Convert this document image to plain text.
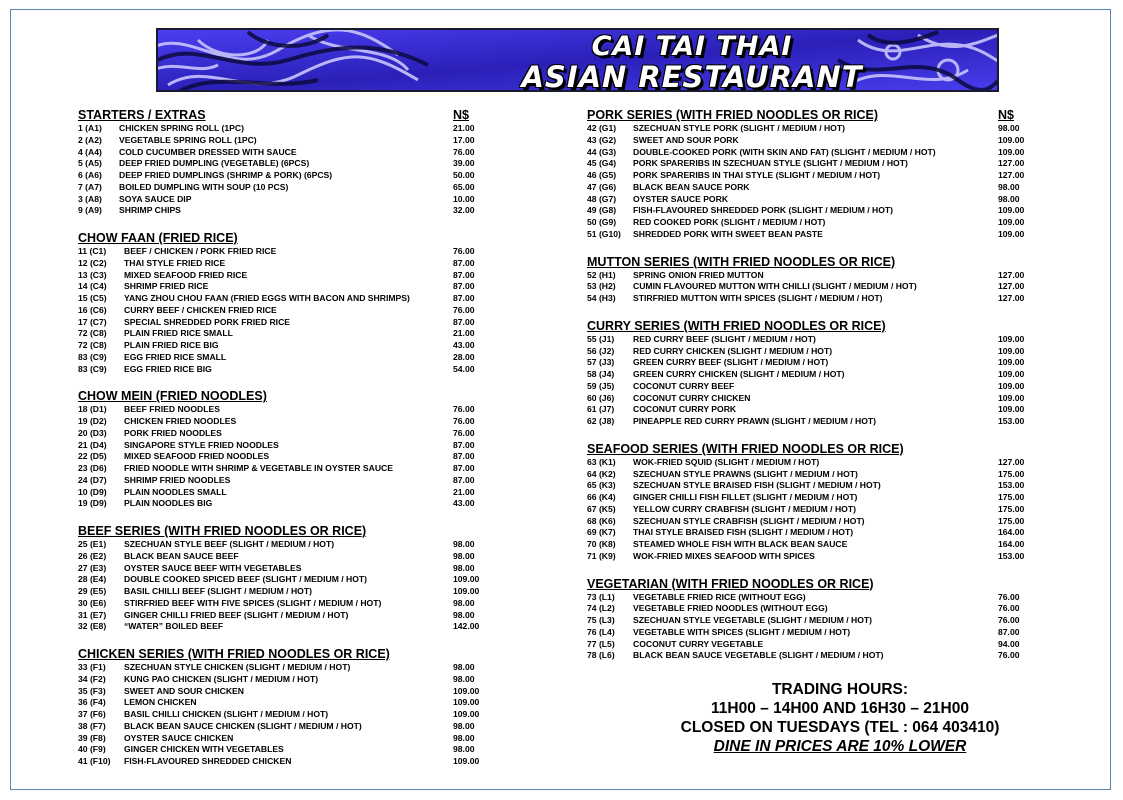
CAI TAI THAI
ASIAN RESTAURANT
STARTERS / EXTRAS	N$
1 (A1) CHICKEN SPRING ROLL (1PC)	21.00
2 (A2) VEGETABLE SPRING ROLL (1PC)	17.00
4 (A4) COLD CUCUMBER DRESSED WITH SAUCE	76.00
5 (A5) DEEP FRIED DUMPLING (VEGETABLE) (6PCS)	39.00
6 (A6) DEEP FRIED DUMPLINGS (SHRIMP & PORK) (6PCS)	50.00
7 (A7) BOILED DUMPLING WITH SOUP (10 PCS)	65.00
3 (A8) SOYA SAUCE DIP	10.00
9 (A9) SHRIMP CHIPS	32.00
CHOW FAAN (FRIED RICE)
11 (C1) BEEF / CHICKEN / PORK FRIED RICE	76.00
12 (C2) THAI STYLE FRIED RICE	87.00
13 (C3) MIXED SEAFOOD FRIED RICE	87.00
14 (C4) SHRIMP FRIED RICE	87.00
15 (C5) YANG ZHOU CHOU FAAN (FRIED EGGS WITH BACON AND SHRIMPS)	87.00
16 (C6) CURRY BEEF / CHICKEN FRIED RICE	76.00
17 (C7) SPECIAL SHREDDED PORK FRIED RICE	87.00
72 (C8) PLAIN FRIED RICE SMALL	21.00
72 (C8) PLAIN FRIED RICE BIG	43.00
83 (C9) EGG FRIED RICE SMALL	28.00
83 (C9) EGG FRIED RICE BIG	54.00
CHOW MEIN (FRIED NOODLES)
18 (D1) BEEF FRIED NOODLES	76.00
19 (D2) CHICKEN FRIED NOODLES	76.00
20 (D3) PORK FRIED NOODLES	76.00
21 (D4) SINGAPORE STYLE FRIED NOODLES	87.00
22 (D5) MIXED SEAFOOD FRIED NOODLES	87.00
23 (D6) FRIED NOODLE WITH SHRIMP & VEGETABLE IN OYSTER SAUCE	87.00
24 (D7) SHRIMP FRIED NOODLES	87.00
10 (D9) PLAIN NOODLES SMALL	21.00
19 (D9) PLAIN NOODLES BIG	43.00
BEEF SERIES (WITH FRIED NOODLES OR RICE)
25 (E1) SZECHUAN STYLE BEEF (SLIGHT / MEDIUM / HOT)	98.00
26 (E2) BLACK BEAN SAUCE BEEF	98.00
27 (E3) OYSTER SAUCE BEEF WITH VEGETABLES	98.00
28 (E4) DOUBLE COOKED SPICED BEEF (SLIGHT / MEDIUM / HOT)	109.00
29 (E5) BASIL CHILLI BEEF (SLIGHT / MEDIUM / HOT)	109.00
30 (E6) STIRFRIED BEEF WITH FIVE SPICES (SLIGHT / MEDIUM / HOT)	98.00
31 (E7) GINGER CHILLI FRIED BEEF (SLIGHT / MEDIUM / HOT)	98.00
32 (E8) “WATER” BOILED BEEF	142.00
CHICKEN SERIES (WITH FRIED NOODLES OR RICE)
33 (F1) SZECHUAN STYLE CHICKEN (SLIGHT / MEDIUM / HOT)	98.00
34 (F2) KUNG PAO CHICKEN (SLIGHT / MEDIUM / HOT)	98.00
35 (F3) SWEET AND SOUR CHICKEN	109.00
36 (F4) LEMON CHICKEN	109.00
37 (F6) BASIL CHILLI CHICKEN (SLIGHT / MEDIUM / HOT)	109.00
38 (F7) BLACK BEAN SAUCE CHICKEN (SLIGHT / MEDIUM / HOT)	98.00
39 (F8) OYSTER SAUCE CHICKEN	98.00
40 (F9) GINGER CHICKEN WITH VEGETABLES	98.00
41 (F10) FISH-FLAVOURED SHREDDED CHICKEN	109.00
PORK SERIES (WITH FRIED NOODLES OR RICE)	N$
42 (G1) SZECHUAN STYLE PORK (SLIGHT / MEDIUM / HOT)	98.00
43 (G2) SWEET AND SOUR PORK	109.00
44 (G3) DOUBLE-COOKED PORK (WITH SKIN AND FAT) (SLIGHT / MEDIUM / HOT)	109.00
45 (G4) PORK SPARERIBS IN SZECHUAN STYLE (SLIGHT / MEDIUM / HOT)	127.00
46 (G5) PORK SPARERIBS IN THAI STYLE (SLIGHT / MEDIUM / HOT)	127.00
47 (G6) BLACK BEAN SAUCE PORK	98.00
48 (G7) OYSTER SAUCE PORK	98.00
49 (G8) FISH-FLAVOURED SHREDDED PORK (SLIGHT / MEDIUM / HOT)	109.00
50 (G9) RED COOKED PORK (SLIGHT / MEDIUM / HOT)	109.00
51 (G10) SHREDDED PORK WITH SWEET BEAN PASTE	109.00
MUTTON SERIES (WITH FRIED NOODLES OR RICE)
52 (H1) SPRING ONION FRIED MUTTON	127.00
53 (H2) CUMIN FLAVOURED MUTTON WITH CHILLI (SLIGHT / MEDIUM / HOT)	127.00
54 (H3) STIRFRIED MUTTON WITH SPICES (SLIGHT / MEDIUM / HOT)	127.00
CURRY SERIES (WITH FRIED NOODLES OR RICE)
55 (J1) RED CURRY BEEF (SLIGHT / MEDIUM / HOT)	109.00
56 (J2) RED CURRY CHICKEN (SLIGHT / MEDIUM / HOT)	109.00
57 (J3) GREEN CURRY BEEF (SLIGHT / MEDIUM / HOT)	109.00
58 (J4) GREEN CURRY CHICKEN (SLIGHT / MEDIUM / HOT)	109.00
59 (J5) COCONUT CURRY BEEF	109.00
60 (J6) COCONUT CURRY CHICKEN	109.00
61 (J7) COCONUT CURRY PORK	109.00
62 (J8) PINEAPPLE RED CURRY PRAWN (SLIGHT / MEDIUM / HOT)	153.00
SEAFOOD SERIES (WITH FRIED NOODLES OR RICE)
63 (K1) WOK-FRIED SQUID (SLIGHT / MEDIUM / HOT)	127.00
64 (K2) SZECHUAN STYLE PRAWNS (SLIGHT / MEDIUM / HOT)	175.00
65 (K3) SZECHUAN STYLE BRAISED FISH (SLIGHT / MEDIUM / HOT)	153.00
66 (K4) GINGER CHILLI FISH FILLET (SLIGHT / MEDIUM / HOT)	175.00
67 (K5) YELLOW CURRY CRABFISH (SLIGHT / MEDIUM / HOT)	175.00
68 (K6) SZECHUAN STYLE CRABFISH (SLIGHT / MEDIUM / HOT)	175.00
69 (K7) THAI STYLE BRAISED FISH (SLIGHT / MEDIUM / HOT)	164.00
70 (K8) STEAMED WHOLE FISH WITH BLACK BEAN SAUCE	164.00
71 (K9) WOK-FRIED MIXES SEAFOOD WITH SPICES	153.00
VEGETARIAN (WITH FRIED NOODLES OR RICE)
73 (L1) VEGETABLE FRIED RICE (WITHOUT EGG)	76.00
74 (L2) VEGETABLE FRIED NOODLES (WITHOUT EGG)	76.00
75 (L3) SZECHUAN STYLE VEGETABLE (SLIGHT / MEDIUM / HOT)	76.00
76 (L4) VEGETABLE WITH SPICES (SLIGHT / MEDIUM / HOT)	87.00
77 (L5) COCONUT CURRY VEGETABLE	94.00
78 (L6) BLACK BEAN SAUCE VEGETABLE (SLIGHT / MEDIUM / HOT)	76.00
TRADING HOURS:
11H00 – 14H00 AND 16H30 – 21H00
CLOSED ON TUESDAYS (TEL : 064 403410)
DINE IN PRICES ARE 10% LOWER
